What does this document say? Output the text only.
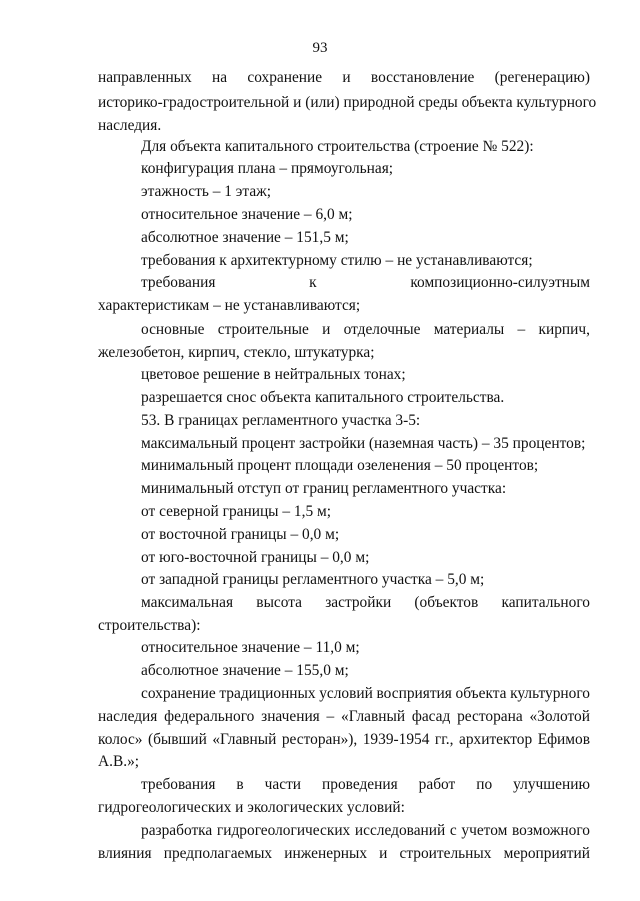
93
направленных на сохранение и восстановление (регенерацию)
историко-градостроительной и (или) природной среды объекта культурного
наследия.
Для объекта капитального строительства (строение № 522):
конфигурация плана – прямоугольная;
этажность – 1 этаж;
относительное значение – 6,0 м;
абсолютное значение – 151,5 м;
требования к архитектурному стилю – не устанавливаются;
требования	к	композиционно-силуэтным
характеристикам – не устанавливаются;
основные строительные и отделочные материалы – кирпич,
железобетон, кирпич, стекло, штукатурка;
цветовое решение в нейтральных тонах;
разрешается снос объекта капитального строительства.
53. В границах регламентного участка 3-5:
максимальный процент застройки (наземная часть) – 35 процентов;
минимальный процент площади озеленения – 50 процентов;
минимальный отступ от границ регламентного участка:
от северной границы – 1,5 м;
от восточной границы – 0,0 м;
от юго-восточной границы – 0,0 м;
от западной границы регламентного участка – 5,0 м;
максимальная высота застройки (объектов капитального
строительства):
относительное значение – 11,0 м;
абсолютное значение – 155,0 м;
сохранение традиционных условий восприятия объекта культурного
наследия федерального значения – «Главный фасад ресторана «Золотой
колос» (бывший «Главный ресторан»), 1939-1954 гг., архитектор Ефимов
А.В.»;
требования в части проведения работ по улучшению
гидрогеологических и экологических условий:
разработка гидрогеологических исследований с учетом возможного
влияния предполагаемых инженерных и строительных мероприятий
